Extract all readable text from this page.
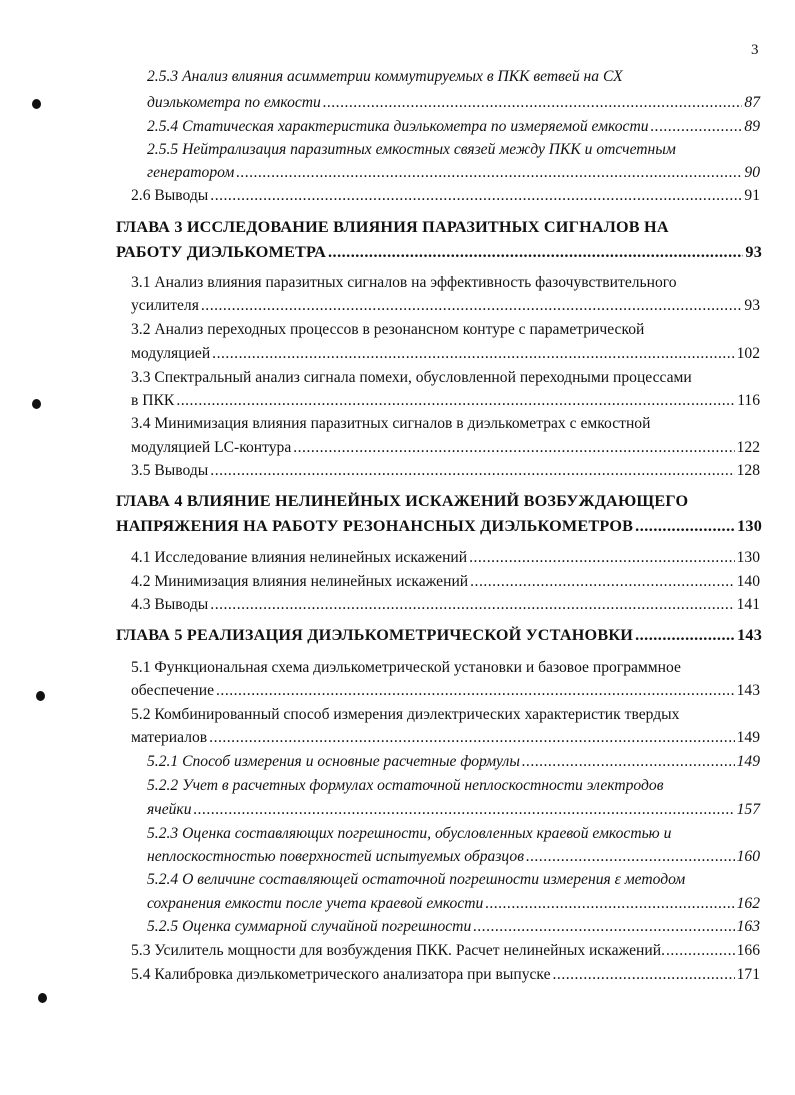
3
2.5.3 Анализ влияния асимметрии коммутируемых в ПКК ветвей на СХ
диэлькометра по емкости .....	87
2.5.4 Статическая характеристика диэлькометра по измеряемой емкости .....	89
2.5.5 Нейтрализация паразитных емкостных связей между ПКК и отсчетным
генератором .....	90
2.6 Выводы .....	91
ГЛАВА 3 ИССЛЕДОВАНИЕ ВЛИЯНИЯ ПАРАЗИТНЫХ СИГНАЛОВ НА
РАБОТУ ДИЭЛЬКОМЕТРА .....	93
3.1 Анализ влияния паразитных сигналов на эффективность фазочувствительного
усилителя .....	93
3.2 Анализ переходных процессов в резонансном контуре с параметрической
модуляцией .....	102
3.3 Спектральный анализ сигнала помехи, обусловленной переходными процессами
в ПКК .....	116
3.4 Минимизация влияния паразитных сигналов в диэлькометрах с емкостной
модуляцией LC-контура .....	122
3.5 Выводы .....	128
ГЛАВА 4 ВЛИЯНИЕ НЕЛИНЕЙНЫХ ИСКАЖЕНИЙ ВОЗБУЖДАЮЩЕГО
НАПРЯЖЕНИЯ НА РАБОТУ РЕЗОНАНСНЫХ ДИЭЛЬКОМЕТРОВ .....	130
4.1 Исследование влияния нелинейных искажений .....	130
4.2 Минимизация влияния нелинейных искажений .....	140
4.3 Выводы .....	141
ГЛАВА 5 РЕАЛИЗАЦИЯ ДИЭЛЬКОМЕТРИЧЕСКОЙ УСТАНОВКИ .....	143
5.1 Функциональная схема диэлькометрической установки и базовое программное
обеспечение .....	143
5.2 Комбинированный способ измерения диэлектрических характеристик твердых
материалов .....	149
5.2.1 Способ измерения и основные расчетные формулы .....	149
5.2.2 Учет в расчетных формулах остаточной неплоскостности электродов
ячейки .....	157
5.2.3 Оценка составляющих погрешности, обусловленных краевой емкостью и
неплоскостностью поверхностей испытуемых образцов .....	160
5.2.4 О величине составляющей остаточной погрешности измерения ε методом
сохранения емкости после учета краевой емкости .....	162
5.2.5 Оценка суммарной случайной погрешности .....	163
5.3 Усилитель мощности для возбуждения ПКК. Расчет нелинейных искажений. .....	166
5.4 Калибровка диэлькометрического анализатора при выпуске .....	171
